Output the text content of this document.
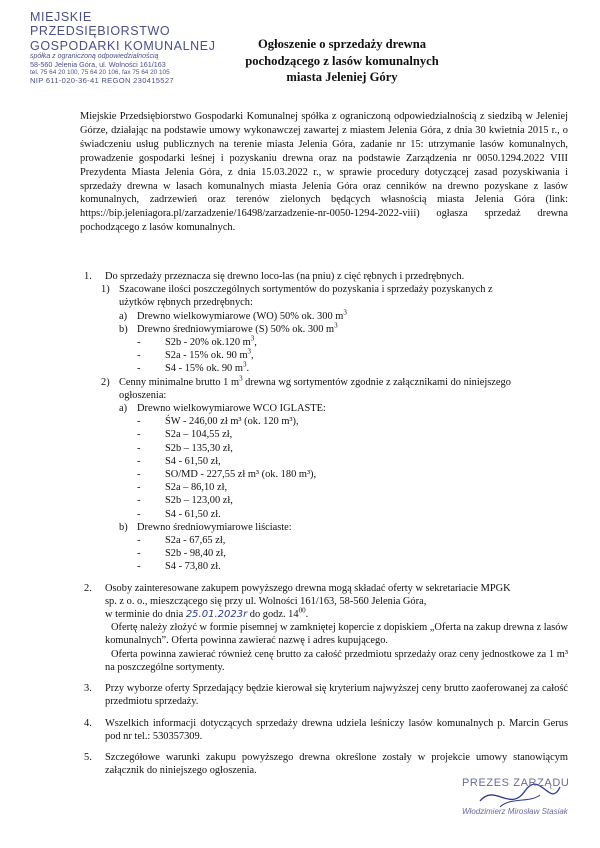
MIEJSKIE PRZEDSIĘBIORSTWO
GOSPODARKI KOMUNALNEJ
spółka z ograniczoną odpowiedzialnością
58-560 Jelenia Góra, ul. Wolności 161/163
tel. 75 64 20 100, 75 64 20 106, fax 75 64 20 105
NIP 611-020-36-41 REGON 230415527
Ogłoszenie o sprzedaży drewna
pochodzącego z lasów komunalnych
miasta Jeleniej Góry
Miejskie Przedsiębiorstwo Gospodarki Komunalnej spółka z ograniczoną odpowiedzialnością z siedzibą w Jeleniej Górze, działając na podstawie umowy wykonawczej zawartej z miastem Jelenia Góra, z dnia 30 kwietnia 2015 r., o świadczeniu usług publicznych na terenie miasta Jelenia Góra, zadanie nr 15: utrzymanie lasów komunalnych, prowadzenie gospodarki leśnej i pozyskaniu drewna oraz na podstawie Zarządzenia nr 0050.1294.2022 VIII Prezydenta Miasta Jelenia Góra, z dnia 15.03.2022 r., w sprawie procedury dotyczącej zasad pozyskiwania i sprzedaży drewna w lasach komunalnych miasta Jelenia Góra oraz cenników na drewno pozyskane z lasów komunalnych, zadrzewień oraz terenów zielonych będących własnością miasta Jelenia Góra (link: https://bip.jeleniagora.pl/zarzadzenie/16498/zarzadzenie-nr-0050-1294-2022-viii) ogłasza sprzedaż drewna pochodzącego z lasów komunalnych.
1. Do sprzedaży przeznacza się drewno loco-las (na pniu) z cięć rębnych i przedrębnych.
1) Szacowane ilości poszczególnych sortymentów do pozyskania i sprzedaży pozyskanych z
użytków rębnych przedrębnych:
a) Drewno wielkowymiarowe (WO) 50% ok. 300 $m^3$
b) Drewno średniowymiarowe (S) 50% ok. 300 $m^3$
- S2b - 20% ok.120 $m^3$,
- S2a - 15% ok. 90 $m^3$,
- S4 - 15% ok. 90 $m^3$.
2) Cenny minimalne brutto 1 $m^3$ drewna wg sortymentów zgodnie z załącznikami do niniejszego
ogłoszenia:
a) Drewno wielkowymiarowe WCO IGLASTE:
- ŚW - 246,00 zł m³ (ok. 120 m³),
- S2a – 104,55 zł,
- S2b – 135,30 zł,
- S4 - 61,50 zł,
- SO/MD - 227,55 zł m³ (ok. 180 m³),
- S2a – 86,10 zł,
- S2b – 123,00 zł,
- S4 - 61,50 zł.
b) Drewno średniowymiarowe liściaste:
- S2a - 67,65 zł,
- S2b - 98,40 zł,
- S4 - 73,80 zł.
2. Osoby zainteresowane zakupem powyższego drewna mogą składać oferty w sekretariacie MPGK
sp. z o. o., mieszczącego się przy ul. Wolności 161/163, 58-560 Jelenia Góra,
w terminie do dnia 25.01.2023r do godz. $14^{00}$.
Ofertę należy złożyć w formie pisemnej w zamkniętej kopercie z dopiskiem „Oferta na zakup drewna z lasów komunalnych”. Oferta powinna zawierać nazwę i adres kupującego.
Oferta powinna zawierać również cenę brutto za całość przedmiotu sprzedaży oraz ceny jednostkowe za 1 m³ na poszczególne sortymenty.
3. Przy wyborze oferty Sprzedający będzie kierował się kryterium najwyższej ceny brutto zaoferowanej za całość przedmiotu sprzedaży.
4. Wszelkich informacji dotyczących sprzedaży drewna udziela leśniczy lasów komunalnych p. Marcin Gerus pod nr tel.: 530357309.
5. Szczegółowe warunki zakupu powyższego drewna określone zostały w projekcie umowy stanowiącym załącznik do niniejszego ogłoszenia.
PREZES ZARZĄDU
Włodzimierz Mirosław Stasiak
